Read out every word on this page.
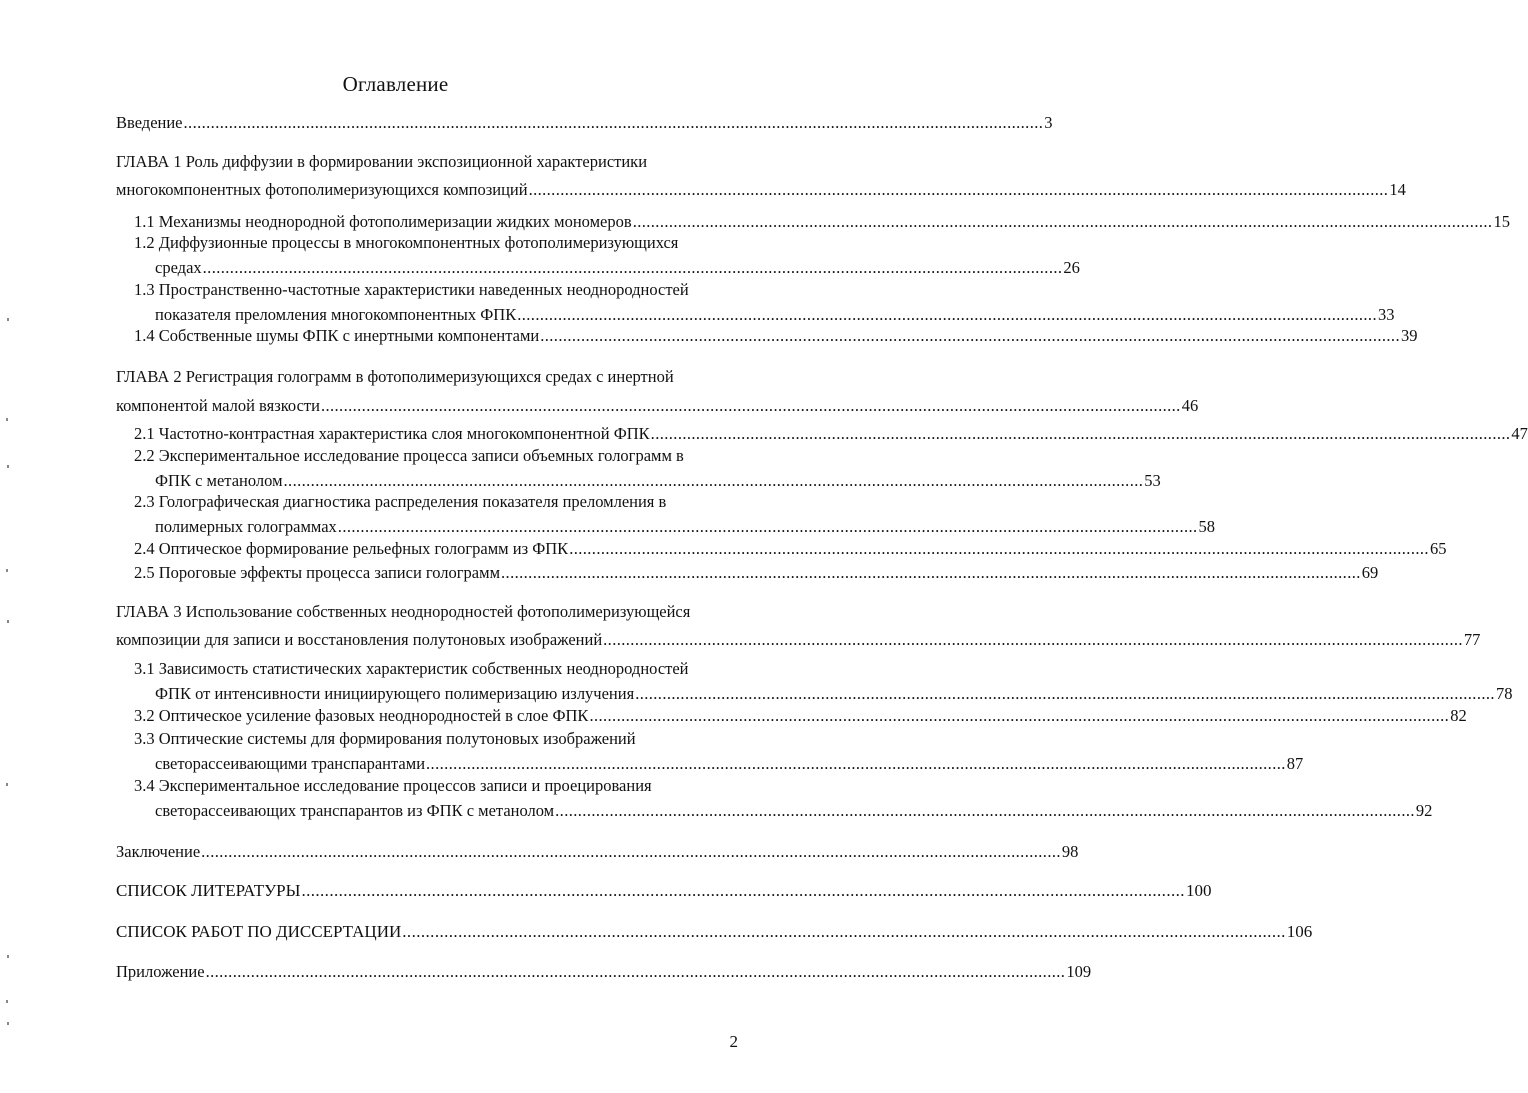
Оглавление
Введение .............................................................................................................................................................................................. 3
ГЛАВА 1 Роль диффузии в формировании экспозиционной характеристики
многокомпонентных фотополимеризующихся композиций .............................................................................................................................................................................................. 14
1.1 Механизмы неоднородной фотополимеризации жидких мономеров .............................................................................................................................................................................................. 15
1.2 Диффузионные процессы в многокомпонентных фотополимеризующихся
средах .............................................................................................................................................................................................. 26
1.3 Пространственно-частотные характеристики наведенных неоднородностей
показателя преломления многокомпонентных ФПК .............................................................................................................................................................................................. 33
1.4 Собственные шумы ФПК с инертными компонентами .............................................................................................................................................................................................. 39
ГЛАВА 2 Регистрация голограмм в фотополимеризующихся средах с инертной
компонентой малой вязкости .............................................................................................................................................................................................. 46
2.1 Частотно-контрастная характеристика слоя многокомпонентной ФПК .............................................................................................................................................................................................. 47
2.2 Экспериментальное исследование процесса записи объемных голограмм в
ФПК с метанолом .............................................................................................................................................................................................. 53
2.3 Голографическая диагностика распределения показателя преломления в
полимерных голограммах .............................................................................................................................................................................................. 58
2.4 Оптическое формирование рельефных голограмм из ФПК .............................................................................................................................................................................................. 65
2.5 Пороговые эффекты процесса записи голограмм .............................................................................................................................................................................................. 69
ГЛАВА 3 Использование собственных неоднородностей фотополимеризующейся
композиции для записи и восстановления полутоновых изображений .............................................................................................................................................................................................. 77
3.1 Зависимость статистических характеристик собственных неоднородностей
ФПК от интенсивности инициирующего полимеризацию излучения .............................................................................................................................................................................................. 78
3.2 Оптическое усиление фазовых неоднородностей в слое ФПК .............................................................................................................................................................................................. 82
3.3 Оптические системы для формирования полутоновых изображений
светорассеивающими транспарантами .............................................................................................................................................................................................. 87
3.4 Экспериментальное исследование процессов записи и проецирования
светорассеивающих транспарантов из ФПК с метанолом .............................................................................................................................................................................................. 92
Заключение .............................................................................................................................................................................................. 98
СПИСОК ЛИТЕРАТУРЫ .............................................................................................................................................................................................. 100
СПИСОК РАБОТ ПО ДИССЕРТАЦИИ .............................................................................................................................................................................................. 106
Приложение .............................................................................................................................................................................................. 109
2
